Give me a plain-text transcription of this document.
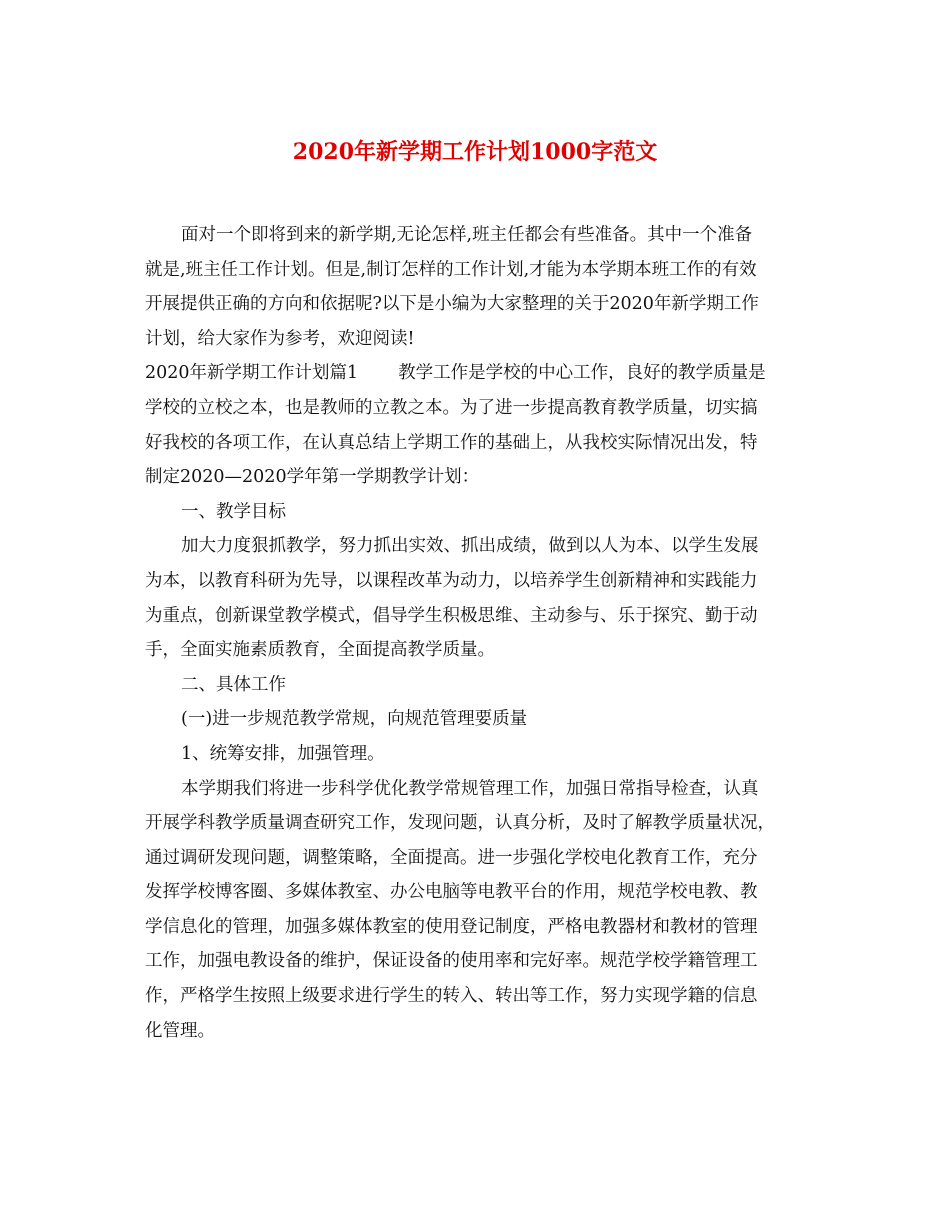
2020年新学期工作计划1000字范文
面对一个即将到来的新学期,无论怎样,班主任都会有些准备。其中一个准备
就是,班主任工作计划。但是,制订怎样的工作计划,才能为本学期本班工作的有效
开展提供正确的方向和依据呢?以下是小编为大家整理的关于2020年新学期工作
计划，给大家作为参考，欢迎阅读!
2020年新学期工作计划篇1 教学工作是学校的中心工作，良好的教学质量是
学校的立校之本，也是教师的立教之本。为了进一步提高教育教学质量，切实搞
好我校的各项工作，在认真总结上学期工作的基础上，从我校实际情况出发，特
制定2020—2020学年第一学期教学计划：
一、教学目标
加大力度狠抓教学，努力抓出实效、抓出成绩，做到以人为本、以学生发展
为本，以教育科研为先导，以课程改革为动力，以培养学生创新精神和实践能力
为重点，创新课堂教学模式，倡导学生积极思维、主动参与、乐于探究、勤于动
手，全面实施素质教育，全面提高教学质量。
二、具体工作
(一)进一步规范教学常规，向规范管理要质量
1、统筹安排，加强管理。
本学期我们将进一步科学优化教学常规管理工作，加强日常指导检查，认真
开展学科教学质量调查研究工作，发现问题，认真分析，及时了解教学质量状况，
通过调研发现问题，调整策略，全面提高。进一步强化学校电化教育工作，充分
发挥学校博客圈、多媒体教室、办公电脑等电教平台的作用，规范学校电教、教
学信息化的管理，加强多媒体教室的使用登记制度，严格电教器材和教材的管理
工作，加强电教设备的维护，保证设备的使用率和完好率。规范学校学籍管理工
作，严格学生按照上级要求进行学生的转入、转出等工作，努力实现学籍的信息
化管理。
